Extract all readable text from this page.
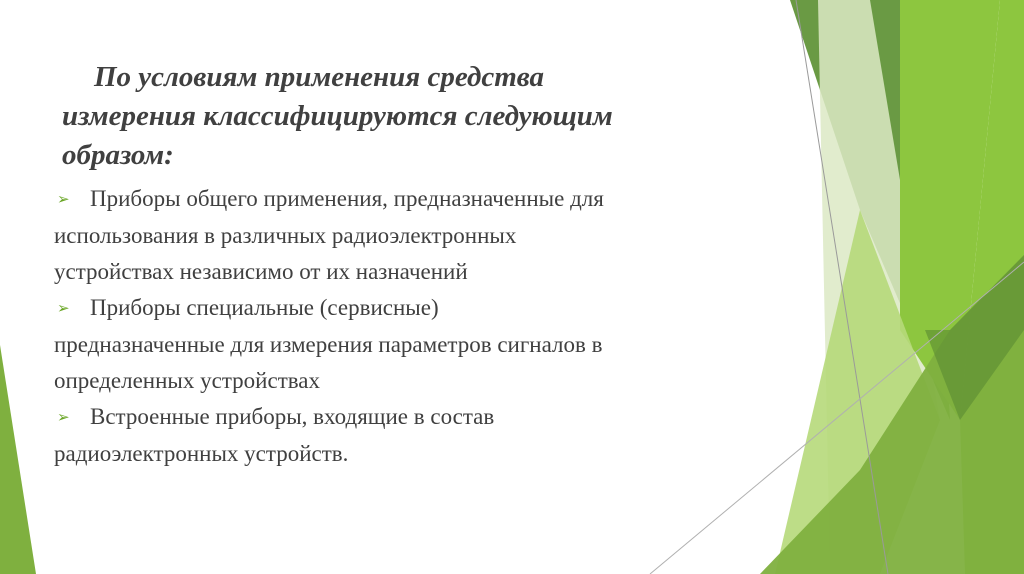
По условиям применения средства
измерения классифицируются следующим
образом:
➢ Приборы общего применения, предназначенные для
использования в различных радиоэлектронных
устройствах независимо от их назначений
➢ Приборы специальные (сервисные)
предназначенные для измерения параметров сигналов в
определенных устройствах
➢ Встроенные приборы, входящие в состав
радиоэлектронных устройств.
